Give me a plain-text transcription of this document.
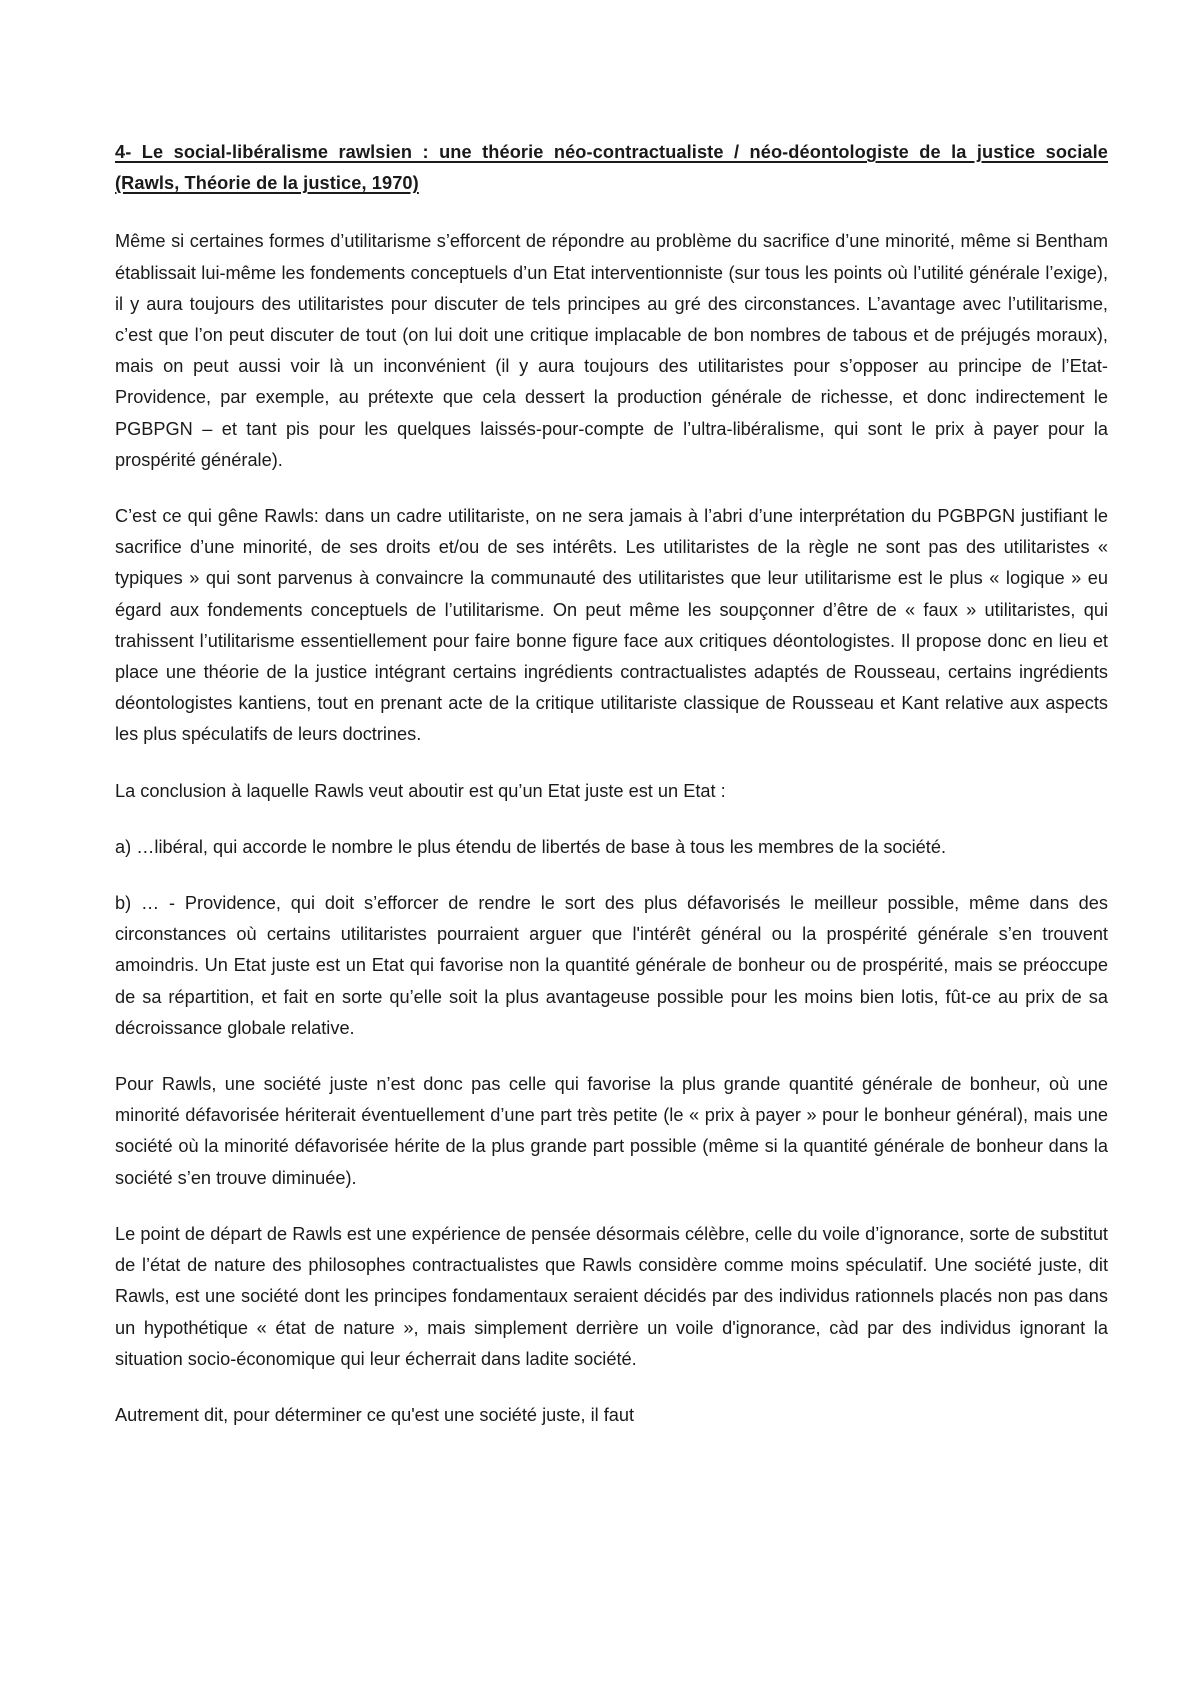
4- Le social-libéralisme rawlsien : une théorie néo-contractualiste / néo-déontologiste de la justice sociale (Rawls, Théorie de la justice, 1970)

Même si certaines formes d’utilitarisme s’efforcent de répondre au problème du sacrifice d’une minorité, même si Bentham établissait lui-même les fondements conceptuels d’un Etat interventionniste (sur tous les points où l’utilité générale l’exige), il y aura toujours des utilitaristes pour discuter de tels principes au gré des circonstances. L’avantage avec l’utilitarisme, c’est que l’on peut discuter de tout (on lui doit une critique implacable de bon nombres de tabous et de préjugés moraux), mais on peut aussi voir là un inconvénient (il y aura toujours des utilitaristes pour s’opposer au principe de l’Etat-Providence, par exemple, au prétexte que cela dessert la production générale de richesse, et donc indirectement le PGBPGN – et tant pis pour les quelques laissés-pour-compte de l’ultra-libéralisme, qui sont le prix à payer pour la prospérité générale).

C’est ce qui gêne Rawls: dans un cadre utilitariste, on ne sera jamais à l’abri d’une interprétation du PGBPGN justifiant le sacrifice d’une minorité, de ses droits et/ou de ses intérêts. Les utilitaristes de la règle ne sont pas des utilitaristes « typiques » qui sont parvenus à convaincre la communauté des utilitaristes que leur utilitarisme est le plus « logique » eu égard aux fondements conceptuels de l’utilitarisme. On peut même les soupçonner d’être de « faux » utilitaristes, qui trahissent l’utilitarisme essentiellement pour faire bonne figure face aux critiques déontologistes. Il propose donc en lieu et place une théorie de la justice intégrant certains ingrédients contractualistes adaptés de Rousseau, certains ingrédients déontologistes kantiens, tout en prenant acte de la critique utilitariste classique de Rousseau et Kant relative aux aspects les plus spéculatifs de leurs doctrines.

La conclusion à laquelle Rawls veut aboutir est qu’un Etat juste est un Etat :

a) …libéral, qui accorde le nombre le plus étendu de libertés de base à tous les membres de la société.

b) … - Providence, qui doit s’efforcer de rendre le sort des plus défavorisés le meilleur possible, même dans des circonstances où certains utilitaristes pourraient arguer que l'intérêt général ou la prospérité générale s’en trouvent amoindris. Un Etat juste est un Etat qui favorise non la quantité générale de bonheur ou de prospérité, mais se préoccupe de sa répartition, et fait en sorte qu’elle soit la plus avantageuse possible pour les moins bien lotis, fût-ce au prix de sa décroissance globale relative.

Pour Rawls, une société juste n’est donc pas celle qui favorise la plus grande quantité générale de bonheur, où une minorité défavorisée hériterait éventuellement d’une part très petite (le « prix à payer » pour le bonheur général), mais une société où la minorité défavorisée hérite de la plus grande part possible (même si la quantité générale de bonheur dans la société s’en trouve diminuée).

Le point de départ de Rawls est une expérience de pensée désormais célèbre, celle du voile d’ignorance, sorte de substitut de l’état de nature des philosophes contractualistes que Rawls considère comme moins spéculatif. Une société juste, dit Rawls, est une société dont les principes fondamentaux seraient décidés par des individus rationnels placés non pas dans un hypothétique « état de nature », mais simplement derrière un voile d'ignorance, càd par des individus ignorant la situation socio-économique qui leur écherrait dans ladite société.

Autrement dit, pour déterminer ce qu'est une société juste, il faut
